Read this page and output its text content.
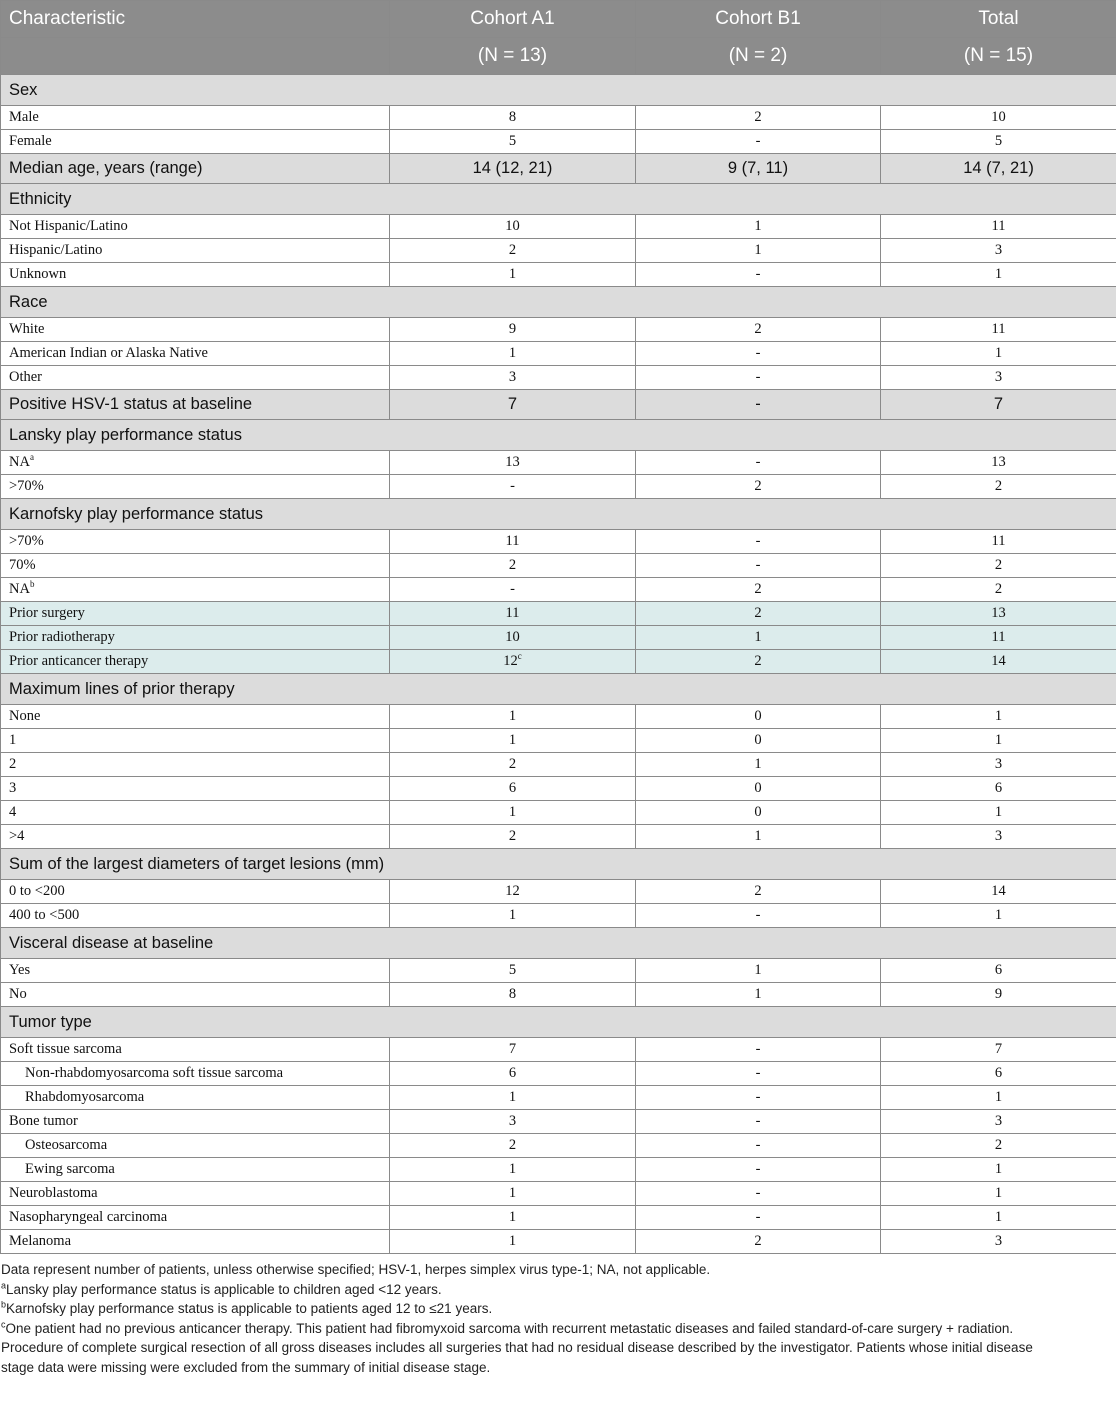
Characteristic	Cohort A1	Cohort B1	Total
	(N = 13)	(N = 2)	(N = 15)
Sex			
Male	8	2	10
Female	5	-	5
Median age, years (range)	14 (12, 21)	9 (7, 11)	14 (7, 21)
Ethnicity			
Not Hispanic/Latino	10	1	11
Hispanic/Latino	2	1	3
Unknown	1	-	1
Race			
White	9	2	11
American Indian or Alaska Native	1	-	1
Other	3	-	3
Positive HSV-1 status at baseline	7	-	7
Lansky play performance status			
$NA^a$	13	-	13
>70%	-	2	2
Karnofsky play performance status			
>70%	11	-	11
70%	2	-	2
$NA^b$	-	2	2
Prior surgery	11	2	13
Prior radiotherapy	10	1	11
Prior anticancer therapy	12$^c$	2	14
Maximum lines of prior therapy			
None	1	0	1
1	1	0	1
2	2	1	3
3	6	0	6
4	1	0	1
>4	2	1	3
Sum of the largest diameters of target lesions (mm)			
0 to <200	12	2	14
400 to <500	1	-	1
Visceral disease at baseline			
Yes	5	1	6
No	8	1	9
Tumor type			
Soft tissue sarcoma	7	-	7
Non-rhabdomyosarcoma soft tissue sarcoma	6	-	6
Rhabdomyosarcoma	1	-	1
Bone tumor	3	-	3
Osteosarcoma	2	-	2
Ewing sarcoma	1	-	1
Neuroblastoma	1	-	1
Nasopharyngeal carcinoma	1	-	1
Melanoma	1	2	3

Data represent number of patients, unless otherwise specified; HSV-1, herpes simplex virus type-1; NA, not applicable.

$^a$Lansky play performance status is applicable to children aged <12 years.

$^b$Karnofsky play performance status is applicable to patients aged 12 to ≤21 years.

$^c$One patient had no previous anticancer therapy. This patient had fibromyxoid sarcoma with recurrent metastatic diseases and failed standard-of-care surgery + radiation.

Procedure of complete surgical resection of all gross diseases includes all surgeries that had no residual disease described by the investigator. Patients whose initial disease

stage data were missing were excluded from the summary of initial disease stage.
